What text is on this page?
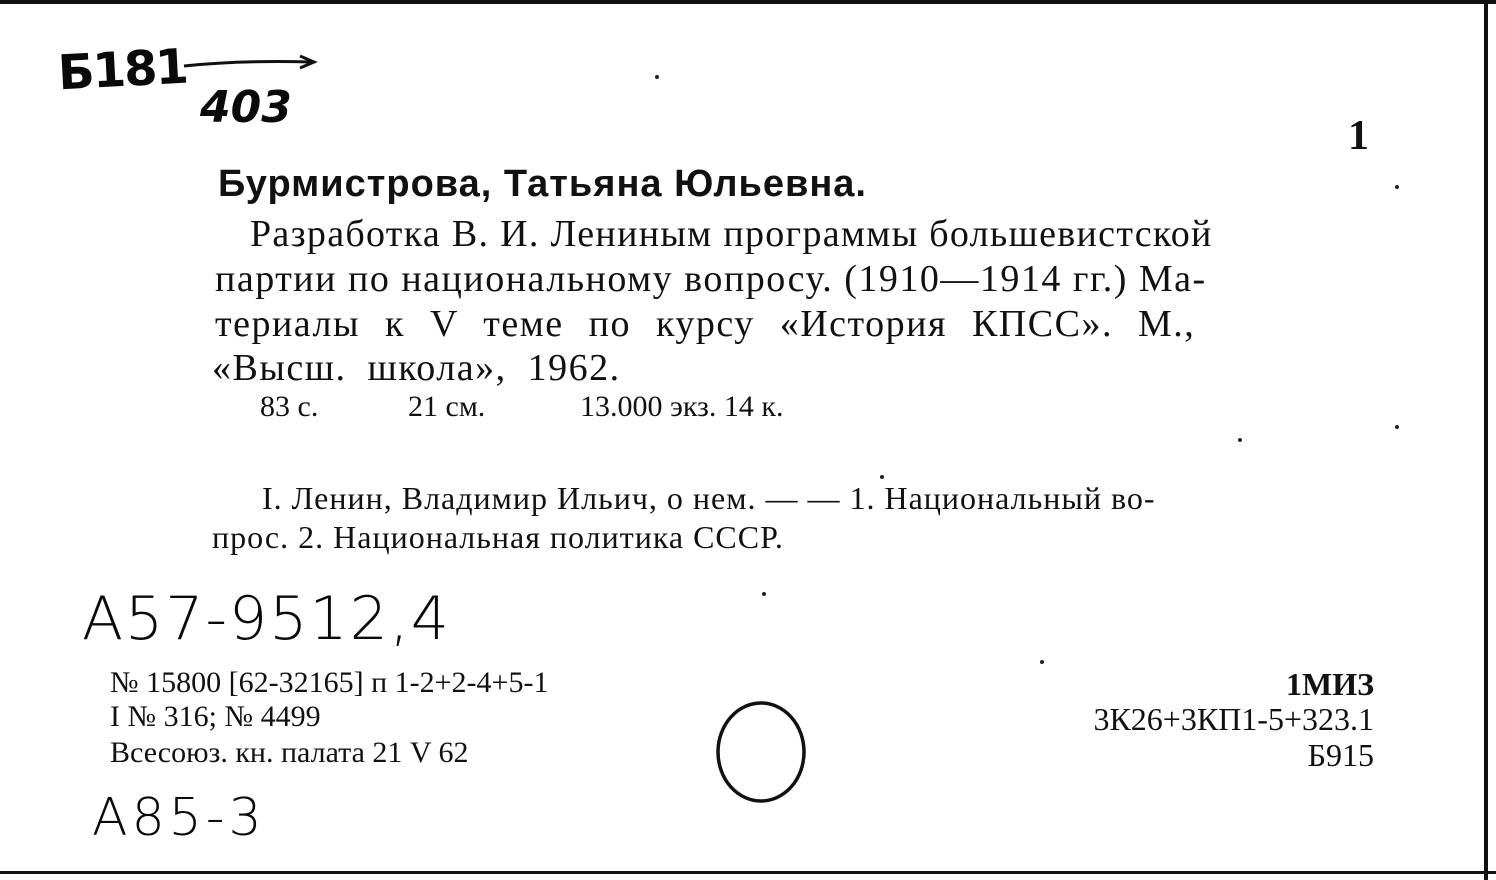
Б181
403
1
Бурмистрова, Татьяна Юльевна.
Разработка В. И. Лениным программы большевистской
партии по национальному вопросу. (1910—1914 гг.) Ма-
териалы к V теме по курсу «История КПСС». М.,
«Высш. школа», 1962.
83 с.	21 см.	13.000 экз. 14 к.
I. Ленин, Владимир Ильич, о нем. — — 1. Национальный во-
прос. 2. Национальная политика СССР.
А57-9512,4
№ 15800 [62-32165] п 1-2+2-4+5-1
I № 316; № 4499
Всесоюз. кн. палата 21 V 62
1МИЗ
3К26+3КП1-5+323.1
Б915
А85-3
